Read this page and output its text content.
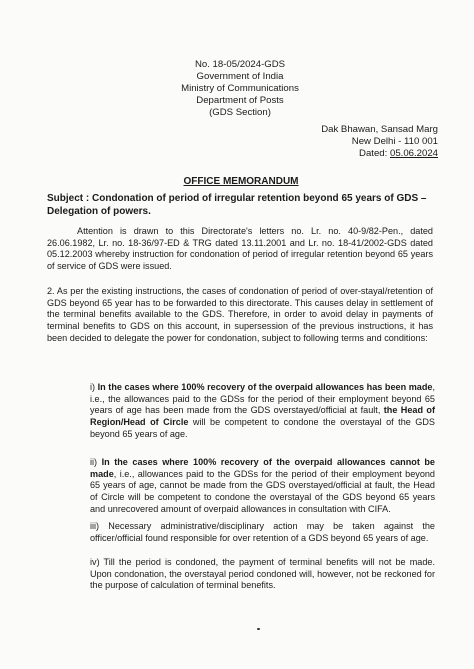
No. 18-05/2024-GDS
Government of India
Ministry of Communications
Department of Posts
(GDS Section)
Dak Bhawan, Sansad Marg
New Delhi - 110 001
Dated: 05.06.2024
OFFICE MEMORANDUM
Subject : Condonation of period of irregular retention beyond 65 years of GDS – Delegation of powers.
Attention is drawn to this Directorate's letters no. Lr. no. 40-9/82-Pen., dated 26.06.1982, Lr. no. 18-36/97-ED & TRG dated 13.11.2001 and Lr. no. 18-41/2002-GDS dated 05.12.2003 whereby instruction for condonation of period of irregular retention beyond 65 years of service of GDS were issued.
2. As per the existing instructions, the cases of condonation of period of over-stayal/retention of GDS beyond 65 year has to be forwarded to this directorate. This causes delay in settlement of the terminal benefits available to the GDS. Therefore, in order to avoid delay in payments of terminal benefits to GDS on this account, in supersession of the previous instructions, it has been decided to delegate the power for condonation, subject to following terms and conditions:
i) In the cases where 100% recovery of the overpaid allowances has been made, i.e., the allowances paid to the GDSs for the period of their employment beyond 65 years of age has been made from the GDS overstayed/official at fault, the Head of Region/Head of Circle will be competent to condone the overstayal of the GDS beyond 65 years of age.
ii) In the cases where 100% recovery of the overpaid allowances cannot be made, i.e., allowances paid to the GDSs for the period of their employment beyond 65 years of age, cannot be made from the GDS overstayed/official at fault, the Head of Circle will be competent to condone the overstayal of the GDS beyond 65 years and unrecovered amount of overpaid allowances in consultation with CIFA.
iii) Necessary administrative/disciplinary action may be taken against the officer/official found responsible for over retention of a GDS beyond 65 years of age.
iv) Till the period is condoned, the payment of terminal benefits will not be made. Upon condonation, the overstayal period condoned will, however, not be reckoned for the purpose of calculation of terminal benefits.
